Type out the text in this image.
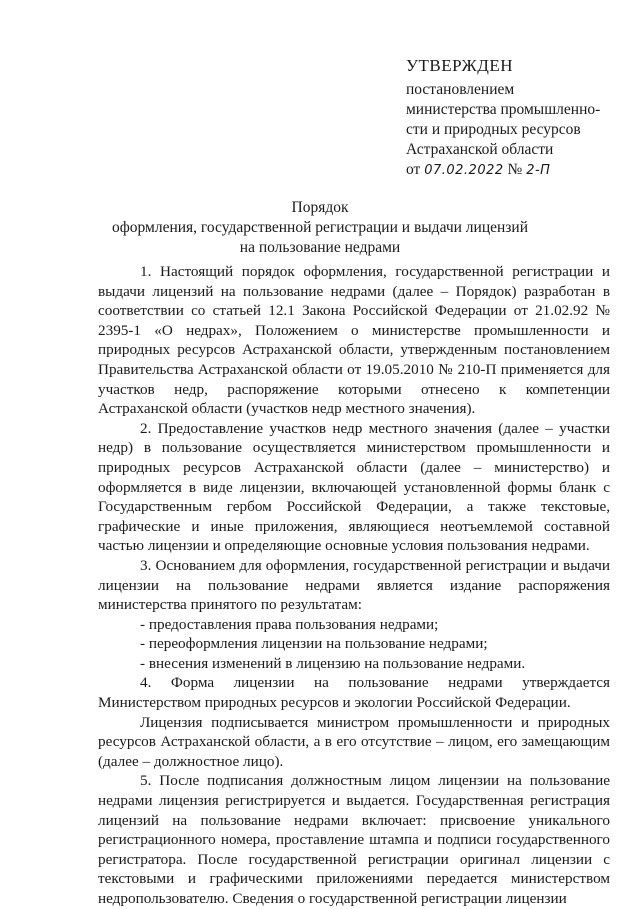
УТВЕРЖДЕН
постановлением
министерства промышленно-
сти и природных ресурсов
Астраханской области
от 07.02.2022 № 2-П
Порядок
оформления, государственной регистрации и выдачи лицензий
на пользование недрами

1. Настоящий порядок оформления, государственной регистрации и выдачи лицензий на пользование недрами (далее – Порядок) разработан в соответствии со статьей 12.1 Закона Российской Федерации от 21.02.92 № 2395-1 «О недрах», Положением о министерстве промышленности и природных ресурсов Астраханской области, утвержденным постановлением Правительства Астраханской области от 19.05.2010 № 210-П применяется для участков недр, распоряжение которыми отнесено к компетенции Астраханской области (участков недр местного значения).

2. Предоставление участков недр местного значения (далее – участки недр) в пользование осуществляется министерством промышленности и природных ресурсов Астраханской области (далее – министерство) и оформляется в виде лицензии, включающей установленной формы бланк с Государственным гербом Российской Федерации, а также текстовые, графические и иные приложения, являющиеся неотъемлемой составной частью лицензии и определяющие основные условия пользования недрами.

3. Основанием для оформления, государственной регистрации и выдачи лицензии на пользование недрами является издание распоряжения министерства принятого по результатам:

- предоставления права пользования недрами;

- переоформления лицензии на пользование недрами;

- внесения изменений в лицензию на пользование недрами.

4. Форма лицензии на пользование недрами утверждается Министерством природных ресурсов и экологии Российской Федерации.

Лицензия подписывается министром промышленности и природных ресурсов Астраханской области, а в его отсутствие – лицом, его замещающим (далее – должностное лицо).

5. После подписания должностным лицом лицензии на пользование недрами лицензия регистрируется и выдается. Государственная регистрация лицензий на пользование недрами включает: присвоение уникального регистрационного номера, проставление штампа и подписи государственного регистратора. После государственной регистрации оригинал лицензии с текстовыми и графическими приложениями передается министерством недропользователю. Сведения о государственной регистрации лицензии
